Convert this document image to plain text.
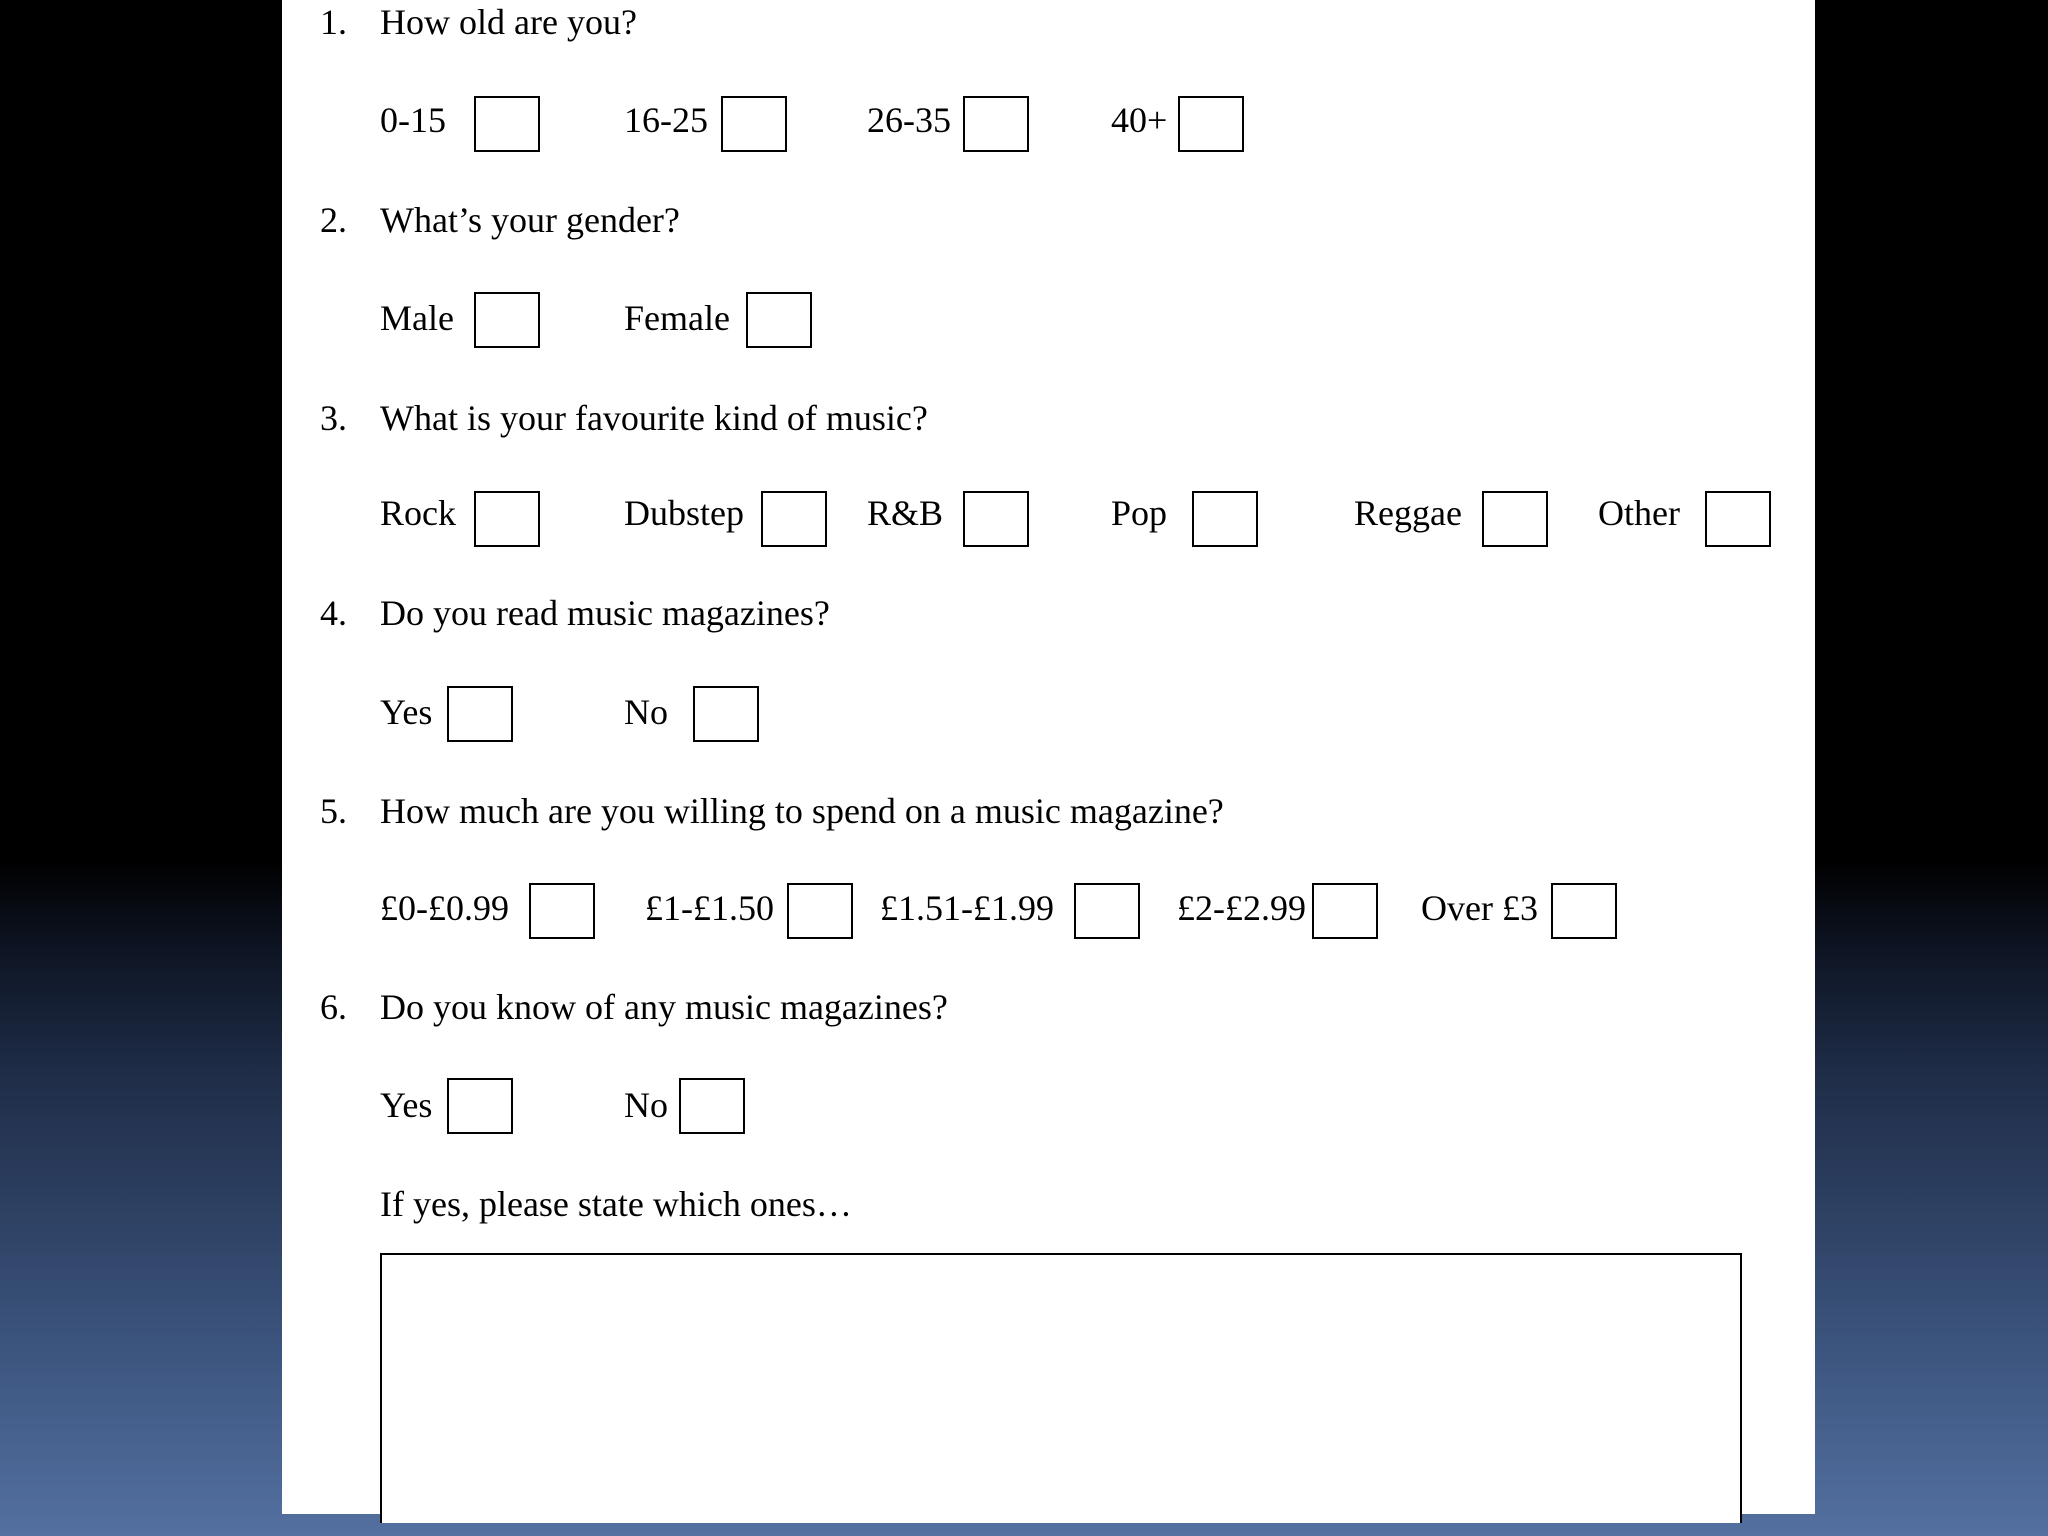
1. How old are you?
0-15	16-25	26-35	40+
2. What’s your gender?
Male	Female
3. What is your favourite kind of music?
Rock	Dubstep	R&B	Pop	Reggae	Other
4. Do you read music magazines?
Yes	No
5. How much are you willing to spend on a music magazine?
£0-£0.99	£1-£1.50	£1.51-£1.99	£2-£2.99	Over £3
6. Do you know of any music magazines?
Yes	No
If yes, please state which ones…
